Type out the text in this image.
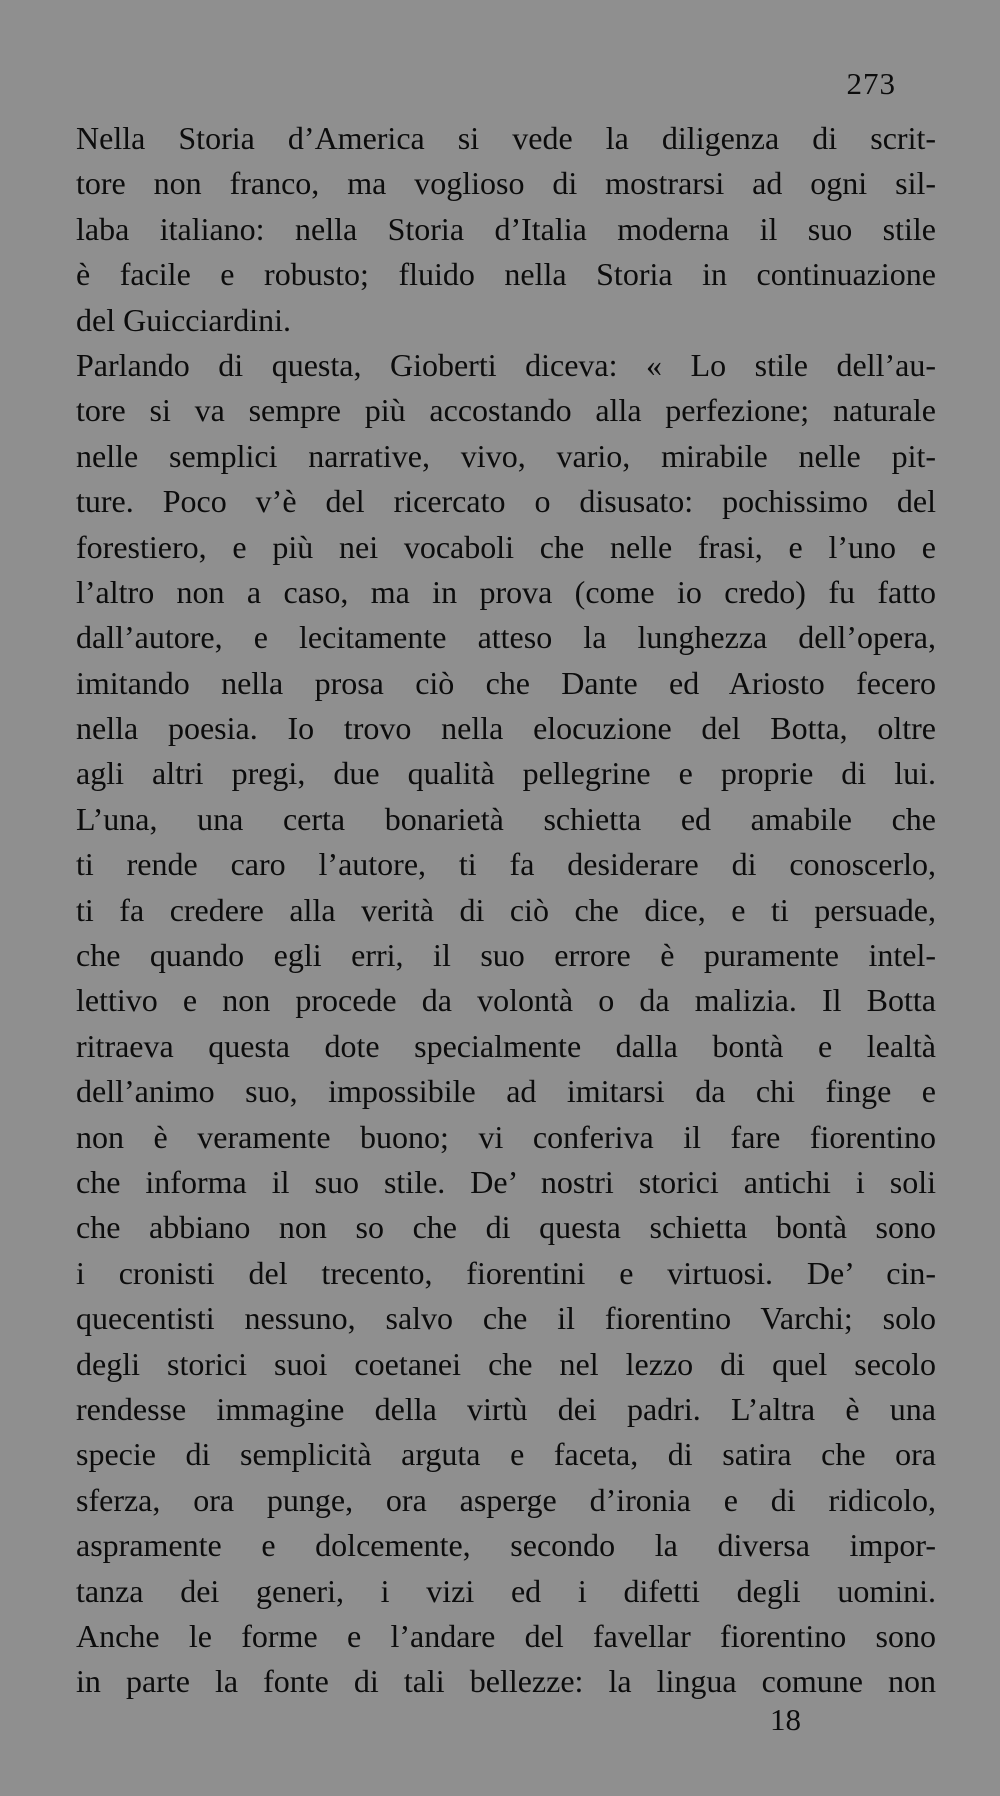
273
Nella Storia d’America si vede la diligenza di scrit-
tore non franco, ma voglioso di mostrarsi ad ogni sil-
laba italiano: nella Storia d’Italia moderna il suo stile
è facile e robusto; fluido nella Storia in continuazione
del Guicciardini.
Parlando di questa, Gioberti diceva: « Lo stile dell’au-
tore si va sempre più accostando alla perfezione; naturale
nelle semplici narrative, vivo, vario, mirabile nelle pit-
ture. Poco v’è del ricercato o disusato: pochissimo del
forestiero, e più nei vocaboli che nelle frasi, e l’uno e
l’altro non a caso, ma in prova (come io credo) fu fatto
dall’autore, e lecitamente atteso la lunghezza dell’opera,
imitando nella prosa ciò che Dante ed Ariosto fecero
nella poesia. Io trovo nella elocuzione del Botta, oltre
agli altri pregi, due qualità pellegrine e proprie di lui.
L’una, una certa bonarietà schietta ed amabile che
ti rende caro l’autore, ti fa desiderare di conoscerlo,
ti fa credere alla verità di ciò che dice, e ti persuade,
che quando egli erri, il suo errore è puramente intel-
lettivo e non procede da volontà o da malizia. Il Botta
ritraeva questa dote specialmente dalla bontà e lealtà
dell’animo suo, impossibile ad imitarsi da chi finge e
non è veramente buono; vi conferiva il fare fiorentino
che informa il suo stile. De’ nostri storici antichi i soli
che abbiano non so che di questa schietta bontà sono
i cronisti del trecento, fiorentini e virtuosi. De’ cin-
quecentisti nessuno, salvo che il fiorentino Varchi; solo
degli storici suoi coetanei che nel lezzo di quel secolo
rendesse immagine della virtù dei padri. L’altra è una
specie di semplicità arguta e faceta, di satira che ora
sferza, ora punge, ora asperge d’ironia e di ridicolo,
aspramente e dolcemente, secondo la diversa impor-
tanza dei generi, i vizi ed i difetti degli uomini.
Anche le forme e l’andare del favellar fiorentino sono
in parte la fonte di tali bellezze: la lingua comune non
18
